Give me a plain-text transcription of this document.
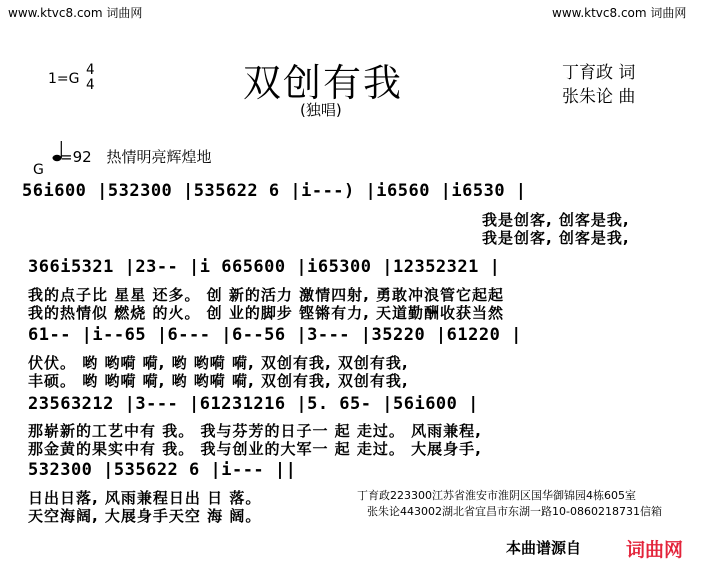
www.ktvc8.com 词曲网	www.ktvc8.com 词曲网
双创有我
(独唱)
丁育政 词
张朱论 曲
1=G
4
4
=92 热情明亮辉煌地
G
56i600 |532300 |535622 6 |i---) |i6560 |i6530 |
我是创客, 创客是我,
我是创客, 创客是我,
366i5321 |23-- |i 665600 |i65300 |12352321 |
我的点子比 星星 还多。 创 新的活力 激情四射, 勇敢冲浪管它起起
我的热情似 燃烧 的火。 创 业的脚步 铿锵有力, 天道勤酬收获当然
61-- |i--65 |6--- |6--56 |3--- |35220 |61220 |
伏伏。 哟 哟嗬 嗬, 哟 哟嗬 嗬, 双创有我, 双创有我,
丰硕。 哟 哟嗬 嗬, 哟 哟嗬 嗬, 双创有我, 双创有我,
23563212 |3--- |61231216 |5. 65- |56i600 |
那崭新的工艺中有 我。 我与芬芳的日子一 起 走过。 风雨兼程,
那金黄的果实中有 我。 我与创业的大军一 起 走过。 大展身手,
532300 |535622 6 |i--- ||
日出日落, 风雨兼程日出 日 落。
天空海阔, 大展身手天空 海 阔。
丁育政223300江苏省淮安市淮阴区国华御锦园4栋605室
张朱论443002湖北省宜昌市东湖一路10-0860218731信箱
本曲谱源自 词曲网
